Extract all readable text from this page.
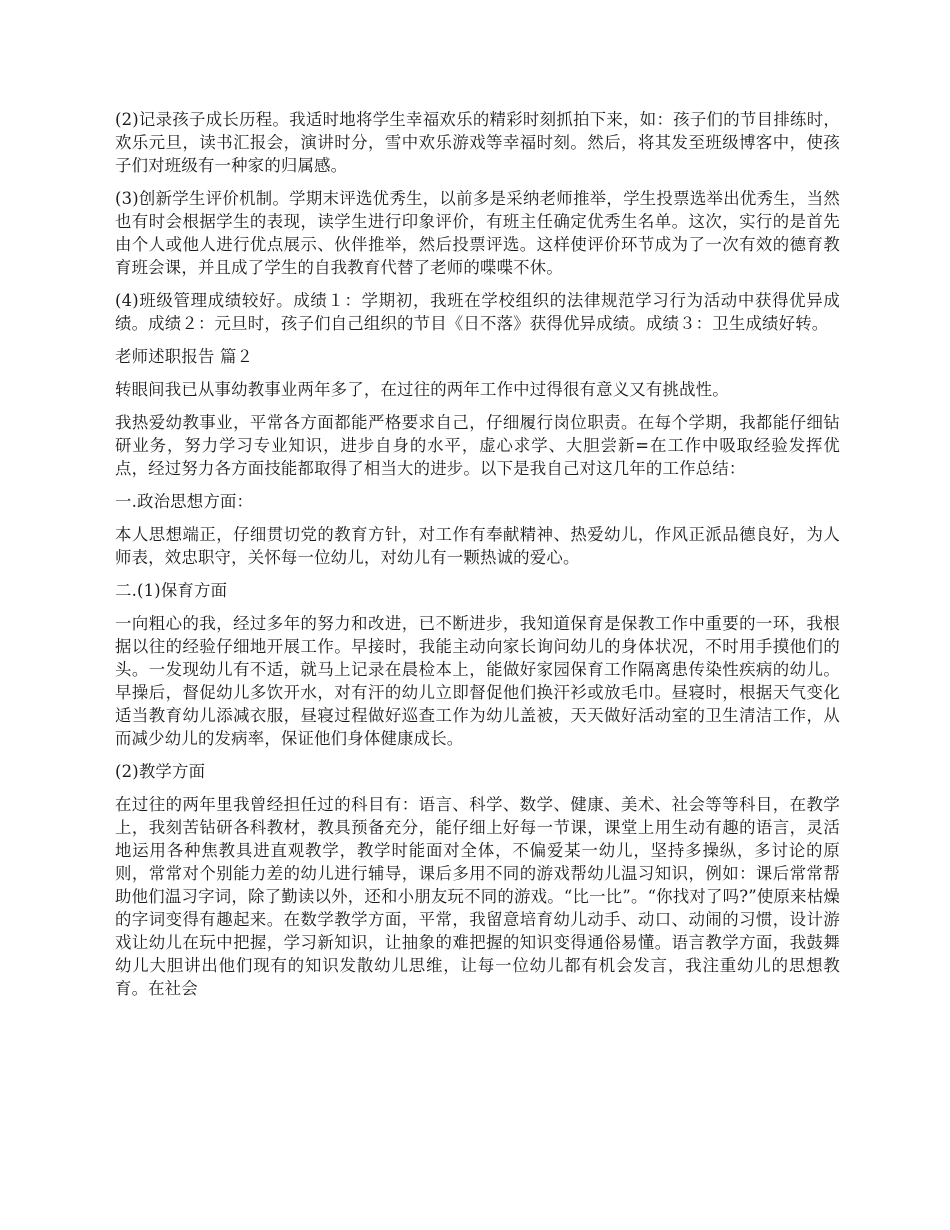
(2)记录孩子成长历程。我适时地将学生幸福欢乐的精彩时刻抓拍下来，如：孩子们的节目排练时，欢乐元旦，读书汇报会，演讲时分，雪中欢乐游戏等幸福时刻。然后，将其发至班级博客中，使孩子们对班级有一种家的归属感。

(3)创新学生评价机制。学期末评选优秀生，以前多是采纳老师推举，学生投票选举出优秀生，当然也有时会根据学生的表现，读学生进行印象评价，有班主任确定优秀生名单。这次，实行的是首先由个人或他人进行优点展示、伙伴推举，然后投票评选。这样使评价环节成为了一次有效的德育教育班会课，并且成了学生的自我教育代替了老师的喋喋不休。

(4)班级管理成绩较好。成绩１：学期初，我班在学校组织的法律规范学习行为活动中获得优异成绩。成绩２：元旦时，孩子们自己组织的节目《日不落》获得优异成绩。成绩３：卫生成绩好转。

老师述职报告 篇２

转眼间我已从事幼教事业两年多了，在过往的两年工作中过得很有意义又有挑战性。

我热爱幼教事业，平常各方面都能严格要求自己，仔细履行岗位职责。在每个学期，我都能仔细钻研业务，努力学习专业知识，进步自身的水平，虚心求学、大胆尝新=在工作中吸取经验发挥优点，经过努力各方面技能都取得了相当大的进步。以下是我自己对这几年的工作总结：

一.政治思想方面：

本人思想端正，仔细贯切党的教育方针，对工作有奉献精神、热爱幼儿，作风正派品德良好，为人师表，效忠职守，关怀每一位幼儿，对幼儿有一颗热诚的爱心。

二.(1)保育方面

一向粗心的我，经过多年的努力和改进，已不断进步，我知道保育是保教工作中重要的一环，我根据以往的经验仔细地开展工作。早接时，我能主动向家长询问幼儿的身体状况，不时用手摸他们的头。一发现幼儿有不适，就马上记录在晨检本上，能做好家园保育工作隔离患传染性疾病的幼儿。早操后，督促幼儿多饮开水，对有汗的幼儿立即督促他们换汗衫或放毛巾。昼寝时，根据天气变化适当教育幼儿添减衣服，昼寝过程做好巡查工作为幼儿盖被，天天做好活动室的卫生清洁工作，从而减少幼儿的发病率，保证他们身体健康成长。

(2)教学方面

在过往的两年里我曾经担任过的科目有：语言、科学、数学、健康、美术、社会等等科目，在教学上，我刻苦钻研各科教材，教具预备充分，能仔细上好每一节课，课堂上用生动有趣的语言，灵活地运用各种焦教具进直观教学，教学时能面对全体，不偏爱某一幼儿，坚持多操纵，多讨论的原则，常常对个别能力差的幼儿进行辅导，课后多用不同的游戏帮幼儿温习知识，例如：课后常常帮助他们温习字词，除了勤读以外，还和小朋友玩不同的游戏。“比一比”。“你找对了吗?”使原来枯燥的字词变得有趣起来。在数学教学方面，平常，我留意培育幼儿动手、动口、动闹的习惯，设计游戏让幼儿在玩中把握，学习新知识，让抽象的难把握的知识变得通俗易懂。语言教学方面，我鼓舞幼儿大胆讲出他们现有的知识发散幼儿思维，让每一位幼儿都有机会发言，我注重幼儿的思想教育。在社会
